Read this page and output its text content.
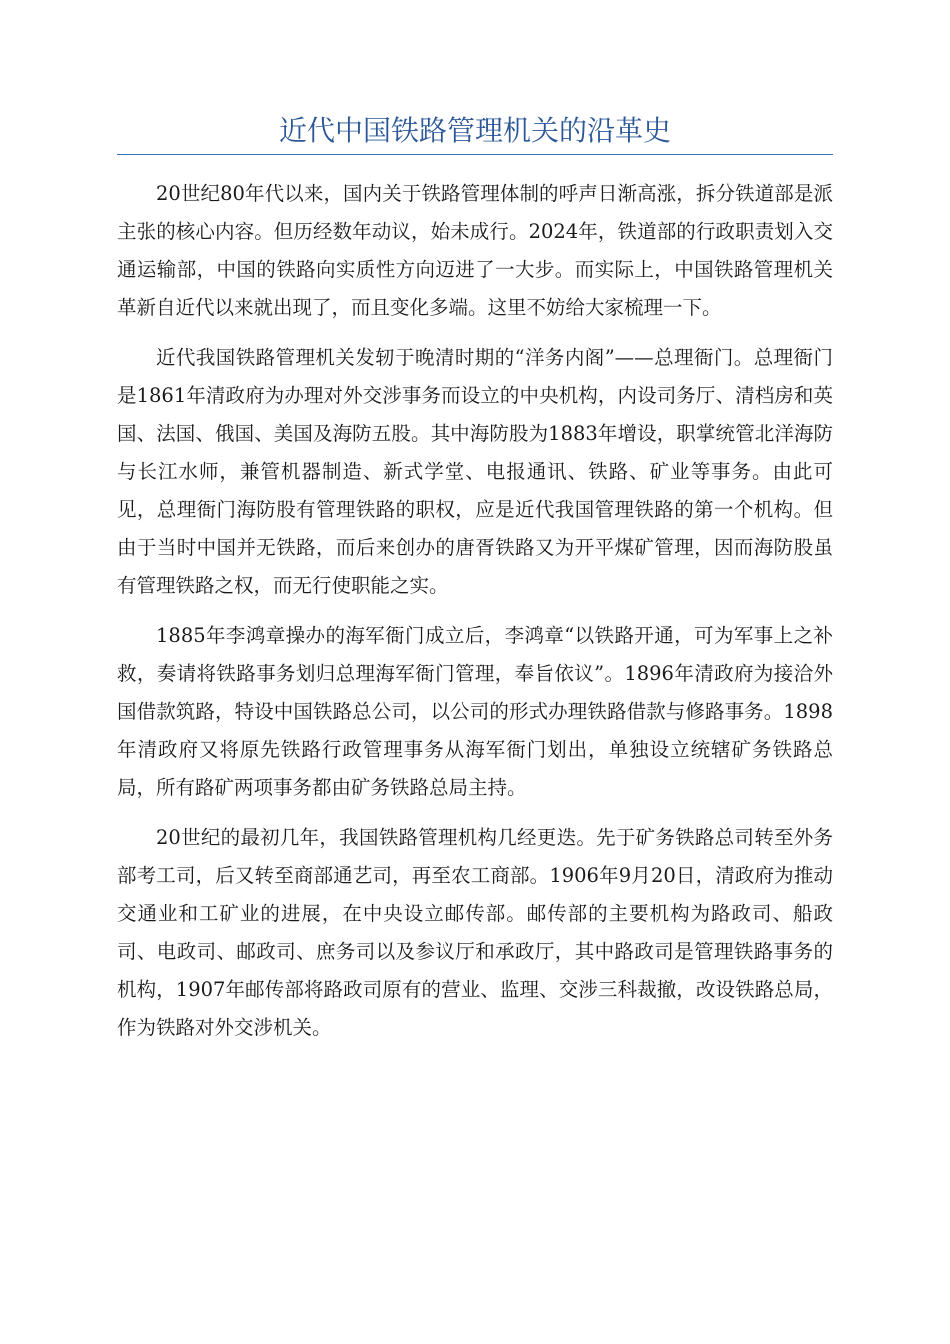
近代中国铁路管理机关的沿革史

20世纪80年代以来，国内关于铁路管理体制的呼声日渐高涨，拆分铁道部是派主张的核心内容。但历经数年动议，始未成行。2024年，铁道部的行政职责划入交通运输部，中国的铁路向实质性方向迈进了一大步。而实际上，中国铁路管理机关革新自近代以来就出现了，而且变化多端。这里不妨给大家梳理一下。

近代我国铁路管理机关发轫于晚清时期的“洋务内阁”——总理衙门。总理衙门是1861年清政府为办理对外交涉事务而设立的中央机构，内设司务厅、清档房和英国、法国、俄国、美国及海防五股。其中海防股为1883年增设，职掌统管北洋海防与长江水师，兼管机器制造、新式学堂、电报通讯、铁路、矿业等事务。由此可见，总理衙门海防股有管理铁路的职权，应是近代我国管理铁路的第一个机构。但由于当时中国并无铁路，而后来创办的唐胥铁路又为开平煤矿管理，因而海防股虽有管理铁路之权，而无行使职能之实。

1885年李鸿章操办的海军衙门成立后，李鸿章“以铁路开通，可为军事上之补救，奏请将铁路事务划归总理海军衙门管理，奉旨依议”。1896年清政府为接洽外国借款筑路，特设中国铁路总公司，以公司的形式办理铁路借款与修路事务。1898年清政府又将原先铁路行政管理事务从海军衙门划出，单独设立统辖矿务铁路总局，所有路矿两项事务都由矿务铁路总局主持。

20世纪的最初几年，我国铁路管理机构几经更迭。先于矿务铁路总司转至外务部考工司，后又转至商部通艺司，再至农工商部。1906年9月20日，清政府为推动交通业和工矿业的进展，在中央设立邮传部。邮传部的主要机构为路政司、船政司、电政司、邮政司、庶务司以及参议厅和承政厅，其中路政司是管理铁路事务的机构，1907年邮传部将路政司原有的营业、监理、交涉三科裁撤，改设铁路总局，作为铁路对外交涉机关。
